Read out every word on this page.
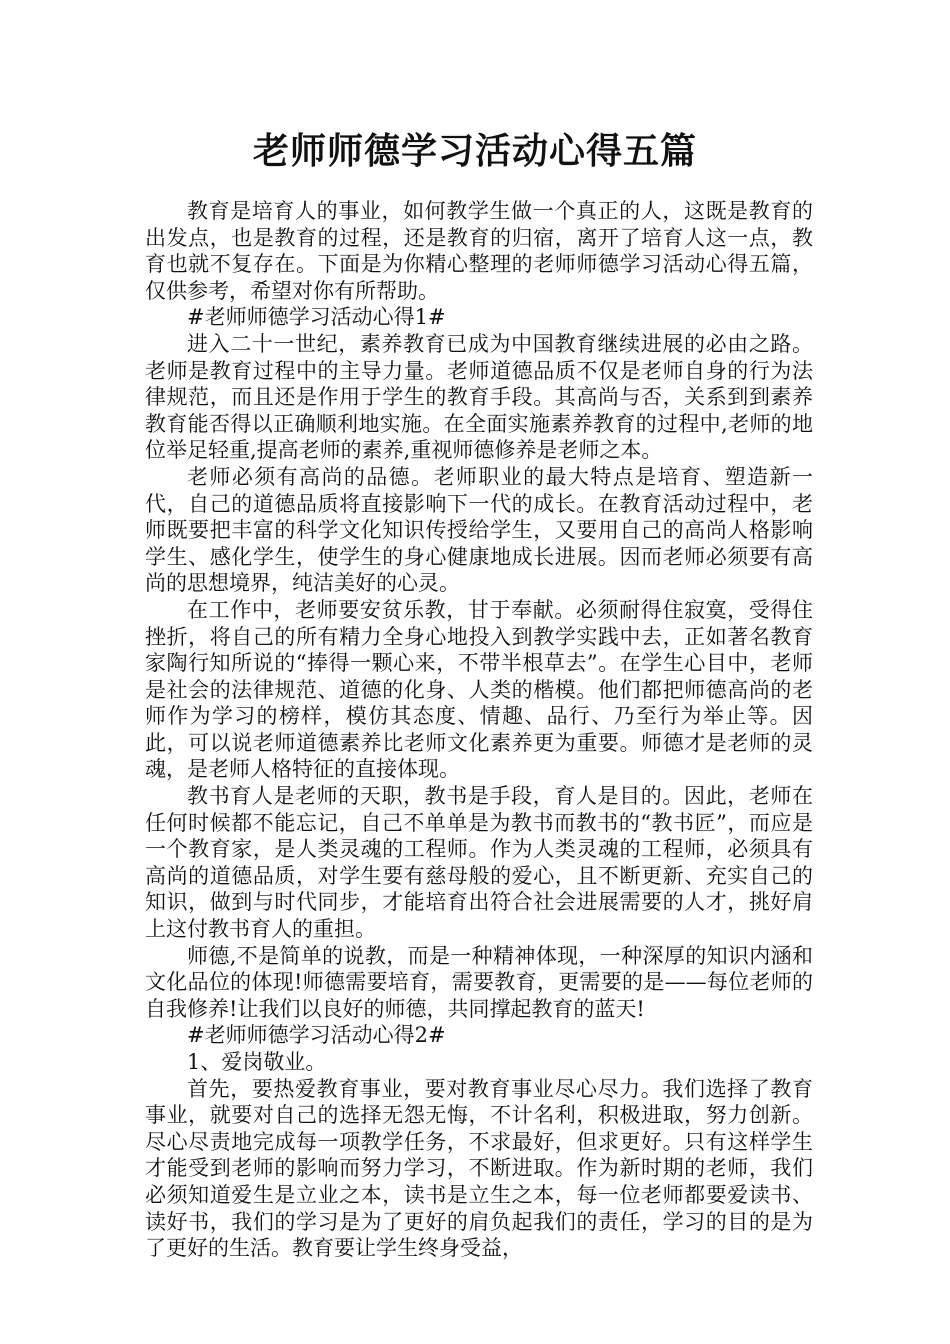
老师师德学习活动心得五篇

教育是培育人的事业，如何教学生做一个真正的人，这既是教育的出发点，也是教育的过程，还是教育的归宿，离开了培育人这一点，教育也就不复存在。下面是为你精心整理的老师师德学习活动心得五篇，仅供参考，希望对你有所帮助。

#老师师德学习活动心得1#

进入二十一世纪，素养教育已成为中国教育继续进展的必由之路。老师是教育过程中的主导力量。老师道德品质不仅是老师自身的行为法律规范，而且还是作用于学生的教育手段。其高尚与否，关系到到素养教育能否得以正确顺利地实施。在全面实施素养教育的过程中,老师的地位举足轻重,提高老师的素养,重视师德修养是老师之本。

老师必须有高尚的品德。老师职业的最大特点是培育、塑造新一代，自己的道德品质将直接影响下一代的成长。在教育活动过程中，老师既要把丰富的科学文化知识传授给学生，又要用自己的高尚人格影响学生、感化学生，使学生的身心健康地成长进展。因而老师必须要有高尚的思想境界，纯洁美好的心灵。

在工作中，老师要安贫乐教，甘于奉献。必须耐得住寂寞，受得住挫折，将自己的所有精力全身心地投入到教学实践中去，正如著名教育家陶行知所说的“捧得一颗心来，不带半根草去”。在学生心目中，老师是社会的法律规范、道德的化身、人类的楷模。他们都把师德高尚的老师作为学习的榜样，模仿其态度、情趣、品行、乃至行为举止等。因此，可以说老师道德素养比老师文化素养更为重要。师德才是老师的灵魂，是老师人格特征的直接体现。

教书育人是老师的天职，教书是手段，育人是目的。因此，老师在任何时候都不能忘记，自己不单单是为教书而教书的“教书匠”，而应是一个教育家，是人类灵魂的工程师。作为人类灵魂的工程师，必须具有高尚的道德品质，对学生要有慈母般的爱心，且不断更新、充实自己的知识，做到与时代同步，才能培育出符合社会进展需要的人才，挑好肩上这付教书育人的重担。

师德,不是简单的说教，而是一种精神体现，一种深厚的知识内涵和文化品位的体现!师德需要培育，需要教育，更需要的是——每位老师的自我修养!让我们以良好的师德，共同撑起教育的蓝天!

#老师师德学习活动心得2#

1、爱岗敬业。

首先，要热爱教育事业，要对教育事业尽心尽力。我们选择了教育事业，就要对自己的选择无怨无悔，不计名利，积极进取，努力创新。尽心尽责地完成每一项教学任务，不求最好，但求更好。只有这样学生才能受到老师的影响而努力学习，不断进取。作为新时期的老师，我们必须知道爱生是立业之本，读书是立生之本，每一位老师都要爱读书、读好书，我们的学习是为了更好的肩负起我们的责任，学习的目的是为了更好的生活。教育要让学生终身受益，
